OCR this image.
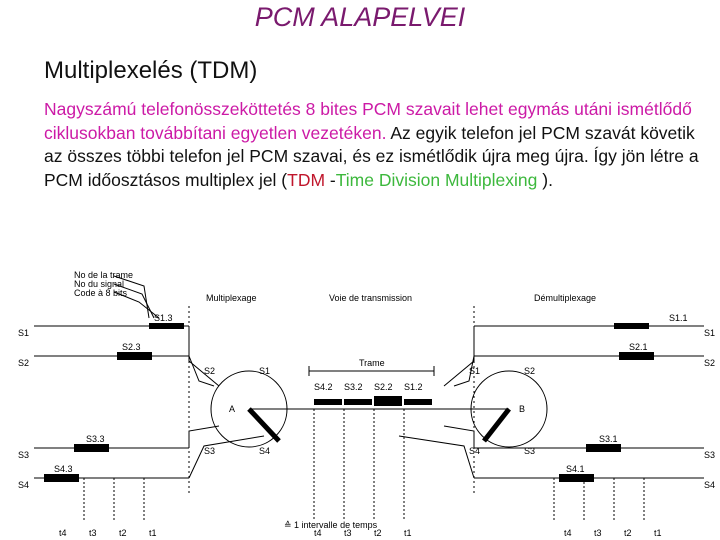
PCM ALAPELVEI
Multiplexelés (TDM)
Nagyszámú telefonösszeköttetés 8 bites PCM szavait lehet egymás utáni ismétlődő ciklusokban továbbítani egyetlen vezetéken. Az egyik telefon jel PCM szavát követik az összes többi telefon jel PCM szavai, és ez ismétlődik újra meg újra. Így jön létre a PCM időosztásos multiplex jel (TDM -Time Division Multiplexing ).
No de la trame
No du signal
Code à 8 bits	Multiplexage	Voie de transmission	Démultiplexage
Trame
≙ 1 intervalle de temps
A	B
S1
S2
S3
S4
S1
S2
S3
S4
S1.3
S2.3
S3.3
S4.3
S1.1
S2.1
S3.1
S4.1
S2	S1
S3	S4
S2
S1
S3
S4
S4.2 S3.2 S2.2 S1.2
t4 t3 t2 t1	t4 t3 t2 t1	t4 t3 t2 t1
